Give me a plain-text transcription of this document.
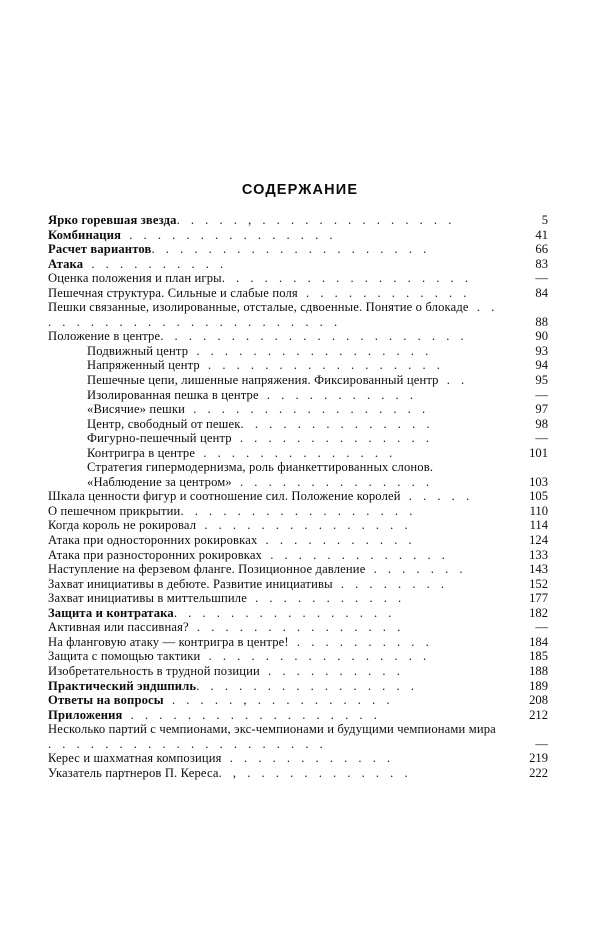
СОДЕРЖАНИЕ
Ярко горевшая звезда. . . . . , . . . . . . . . . . . . . .	5
Комбинация . . . . . . . . . . . . . . .	41
Расчет вариантов. . . . . . . . . . . . . . . . . . . .	66
Атака . . . . . . . . . .	83
Оценка положения и план игры. . . . . . . . . . . . . . . . . .	—
Пешечная структура. Сильные и слабые поля . . . . . . . . . . . .	84
Пешки связанные, изолированные, отсталые, сдвоенные. Понятие о блокаде . . . . . . . . . . . . . . . . . . . . . . .	88
Положение в центре. . . . . . . . . . . . . . . . . . . . . .	90
Подвижный центр . . . . . . . . . . . . . . . . .	93
Напряженный центр . . . . . . . . . . . . . . . . .	94
Пешечные цепи, лишенные напряжения. Фиксированный центр . .	95
Изолированная пешка в центре . . . . . . . . . . .	—
«Висячие» пешки . . . . . . . . . . . . . . . . .	97
Центр, свободный от пешек. . . . . . . . . . . . . .	98
Фигурно-пешечный центр . . . . . . . . . . . . . .	—
Контригра в центре . . . . . . . . . . . . . .	101
Стратегия гипермодернизма, роль фианкеттированных слонов. «Наблюдение за центром» . . . . . . . . . . . . . .	103
Шкала ценности фигур и соотношение сил. Положение королей . . . . .	105
О пешечном прикрытии. . . . . . . . . . . . . . . . .	110
Когда король не рокировал . . . . . . . . . . . . . . .	114
Атака при односторонних рокировках . . . . . . . . . . .	124
Атака при разносторонних рокировках . . . . . . . . . . . . .	133
Наступление на ферзевом фланге. Позиционное давление . . . . . . .	143
Захват инициативы в дебюте. Развитие инициативы . . . . . . . .	152
Захват инициативы в миттельшпиле . . . . . . . . . . .	177
Защита и контратака. . . . . . . . . . . . . . . .	182
Активная или пассивная? . . . . . . . . . . . . . . .	—
На фланговую атаку — контригра в центре! . . . . . . . . . .	184
Защита с помощью тактики . . . . . . . . . . . . . . . .	185
Изобретательность в трудной позиции . . . . . . . . . .	188
Практический эндшпиль. . . . . . . . . . . . . . . .	189
Ответы на вопросы . . . . . , . . . . . . . . . .	208
Приложения . . . . . . . . . . . . . . . . . .	212
Несколько партий с чемпионами, экс-чемпионами и будущими чемпионами мира . . . . . . . . . . . . . . . . . . . .	—
Керес и шахматная композиция . . . . . . . . . . . .	219
Указатель партнеров П. Кереса. , . . . . . . . . . . . .	222
